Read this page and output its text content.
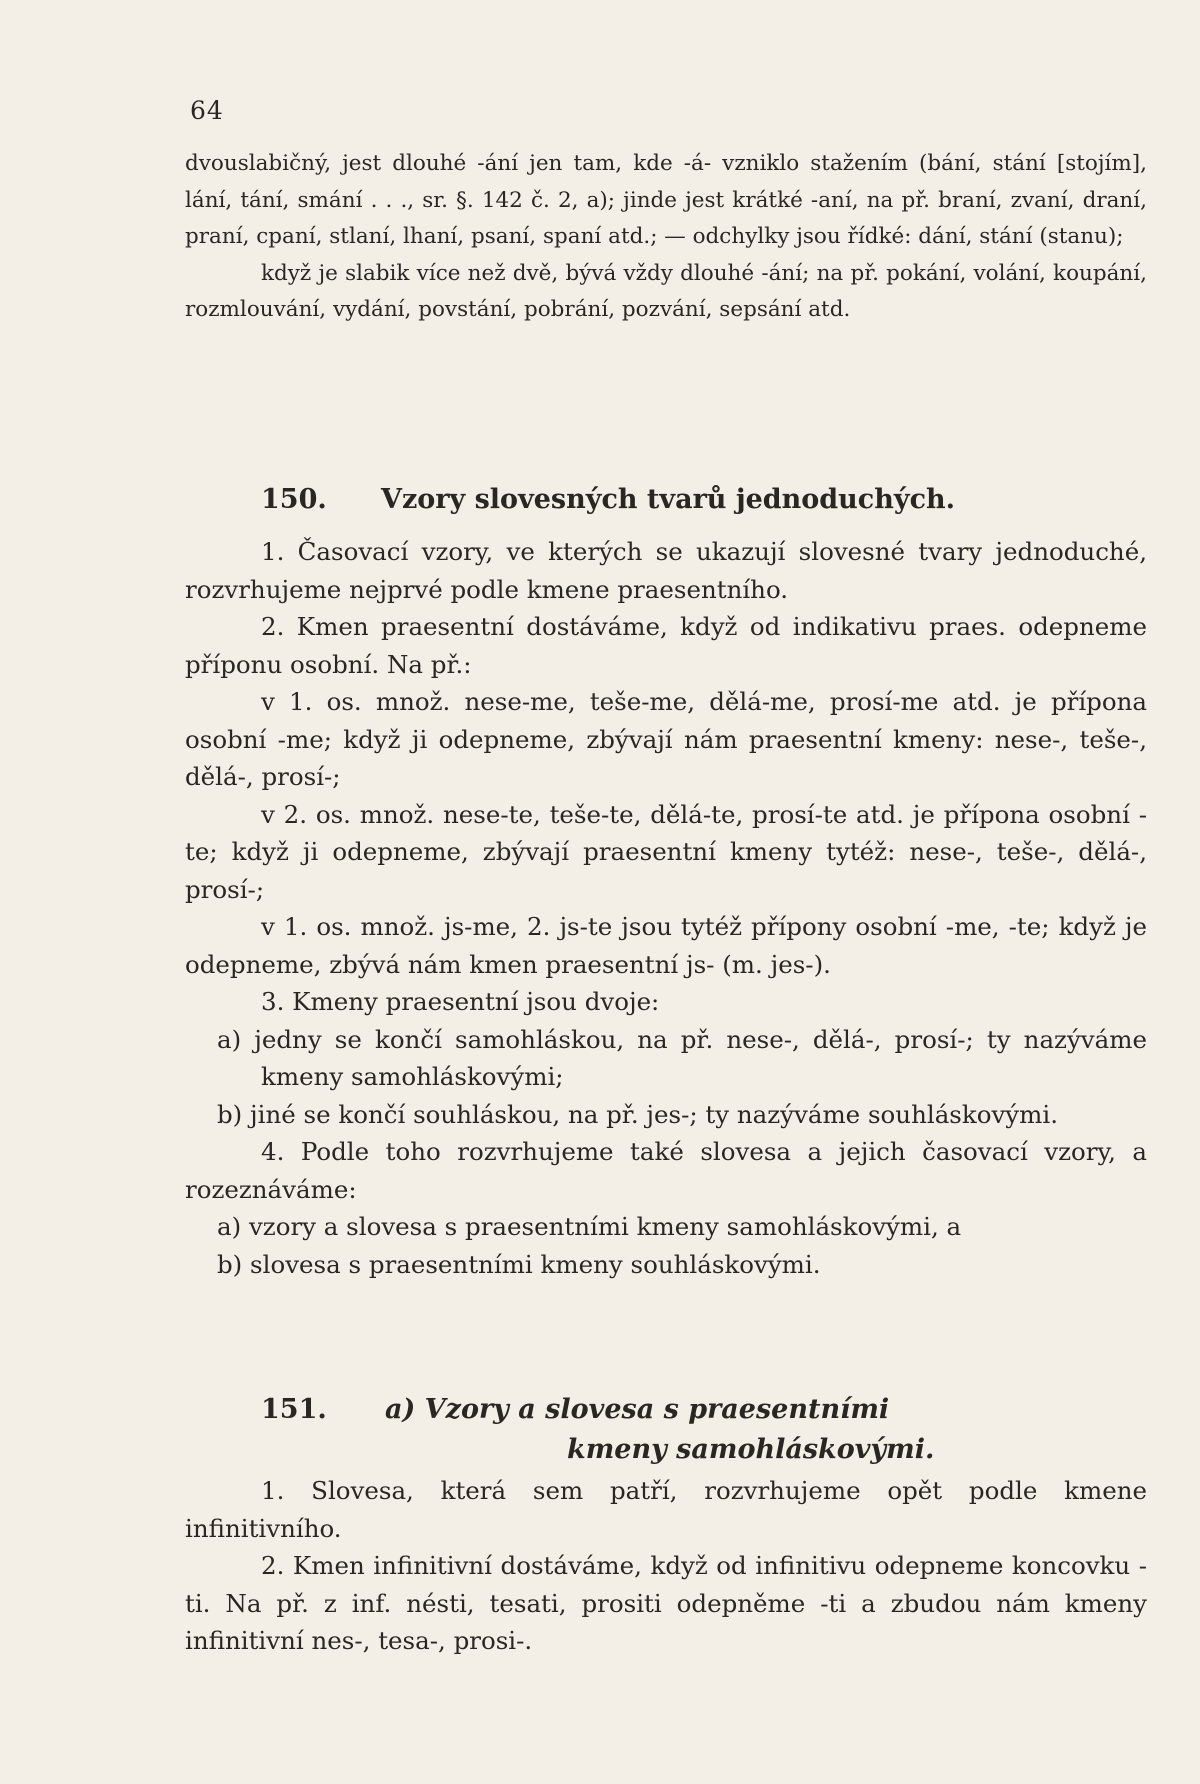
64

dvouslabičný, jest dlouhé -ání jen tam, kde -á- vzniklo stažením (bání, stání [stojím], lání, tání, smání . . ., sr. §. 142 č. 2, a); jinde jest krátké -aní, na př. braní, zvaní, draní, praní, cpaní, stlaní, lhaní, psaní, spaní atd.; — odchylky jsou řídké: dání, stání (stanu);

když je slabik více než dvě, bývá vždy dlouhé -ání; na př. pokání, volání, koupání, rozmlouvání, vydání, povstání, pobrání, pozvání, sepsání atd.

150. Vzory slovesných tvarů jednoduchých.

1. Časovací vzory, ve kterých se ukazují slovesné tvary jednoduché, rozvrhujeme nejprvé podle kmene praesentního.

2. Kmen praesentní dostáváme, když od indikativu praes. odepneme příponu osobní. Na př.:

v 1. os. množ. nese-me, teše-me, dělá-me, prosí-me atd. je přípona osobní -me; když ji odepneme, zbývají nám praesentní kmeny: nese-, teše-, dělá-, prosí-;

v 2. os. množ. nese-te, teše-te, dělá-te, prosí-te atd. je přípona osobní -te; když ji odepneme, zbývají praesentní kmeny tytéž: nese-, teše-, dělá-, prosí-;

v 1. os. množ. js-me, 2. js-te jsou tytéž přípony osobní -me, -te; když je odepneme, zbývá nám kmen praesentní js- (m. jes-).

3. Kmeny praesentní jsou dvoje:

a) jedny se končí samohláskou, na př. nese-, dělá-, prosí-; ty nazýváme kmeny samohláskovými;

b) jiné se končí souhláskou, na př. jes-; ty nazýváme souhláskovými.

4. Podle toho rozvrhujeme také slovesa a jejich časovací vzory, a rozeznáváme:

a) vzory a slovesa s praesentními kmeny samohláskovými, a

b) slovesa s praesentními kmeny souhláskovými.

151. a) Vzory a slovesa s praesentními
kmeny samohláskovými.

1. Slovesa, která sem patří, rozvrhujeme opět podle kmene infinitivního.

2. Kmen infinitivní dostáváme, když od infinitivu odepneme koncovku -ti. Na př. z inf. nésti, tesati, prositi odepněme -ti a zbudou nám kmeny infinitivní nes-, tesa-, prosi-.
